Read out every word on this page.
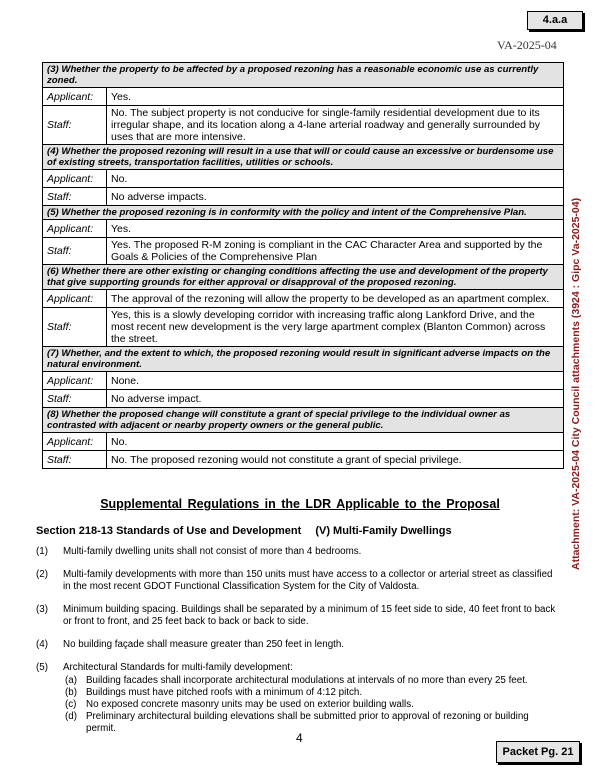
4.a.a
VA-2025-04
(3) Whether the property to be affected by a proposed rezoning has a reasonable economic use as currently zoned.	
Applicant:	Yes.
Staff:	No. The subject property is not conducive for single-family residential development due to its irregular shape, and its location along a 4-lane arterial roadway and generally surrounded by uses that are more intensive.
(4) Whether the proposed rezoning will result in a use that will or could cause an excessive or burdensome use of existing streets, transportation facilities, utilities or schools.	
Applicant:	No.
Staff:	No adverse impacts.
(5) Whether the proposed rezoning is in conformity with the policy and intent of the Comprehensive Plan.	
Applicant:	Yes.
Staff:	Yes. The proposed R-M zoning is compliant in the CAC Character Area and supported by the Goals & Policies of the Comprehensive Plan
(6) Whether there are other existing or changing conditions affecting the use and development of the property that give supporting grounds for either approval or disapproval of the proposed rezoning.	
Applicant:	The approval of the rezoning will allow the property to be developed as an apartment complex.
Staff:	Yes, this is a slowly developing corridor with increasing traffic along Lankford Drive, and the most recent new development is the very large apartment complex (Blanton Common) across the street.
(7) Whether, and the extent to which, the proposed rezoning would result in significant adverse impacts on the natural environment.	
Applicant:	None.
Staff:	No adverse impact.
(8) Whether the proposed change will constitute a grant of special privilege to the individual owner as contrasted with adjacent or nearby property owners or the general public.	
Applicant:	No.
Staff:	No. The proposed rezoning would not constitute a grant of special privilege.
Supplemental Regulations in the LDR Applicable to the Proposal
Section 218-13 Standards of Use and Development (V) Multi-Family Dwellings
(1) Multi-family dwelling units shall not consist of more than 4 bedrooms.
(2) Multi-family developments with more than 150 units must have access to a collector or arterial street as classified in the most recent GDOT Functional Classification System for the City of Valdosta.
(3) Minimum building spacing. Buildings shall be separated by a minimum of 15 feet side to side, 40 feet front to back or front to front, and 25 feet back to back or back to side.
(4) No building façade shall measure greater than 250 feet in length.
(5) Architectural Standards for multi-family development:
(a) Building facades shall incorporate architectural modulations at intervals of no more than every 25 feet.
(b) Buildings must have pitched roofs with a minimum of 4:12 pitch.
(c) No exposed concrete masonry units may be used on exterior building walls.
(d) Preliminary architectural building elevations shall be submitted prior to approval of rezoning or building permit.
4
Packet Pg. 21
Attachment: VA-2025-04 City Council attachments (3924 : Gipc Va-2025-04)
